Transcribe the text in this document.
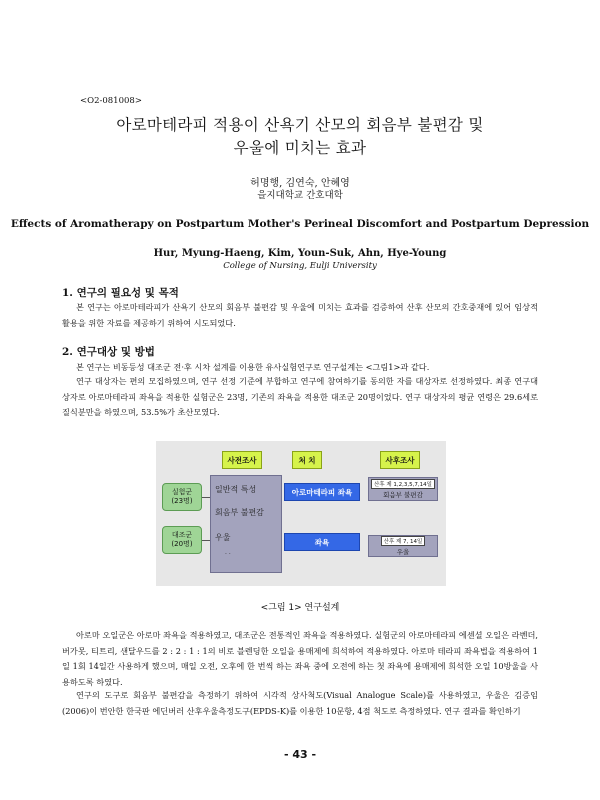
<O2-081008>
아로마테라피 적용이 산욕기 산모의 회음부 불편감 및
우울에 미치는 효과
허명행, 김연숙, 안혜영
을지대학교 간호대학
Effects of Aromatherapy on Postpartum Mother's Perineal Discomfort and Postpartum Depression
Hur, Myung-Haeng, Kim, Youn-Suk, Ahn, Hye-Young
College of Nursing, Eulji University
1. 연구의 필요성 및 목적

본 연구는 아로마테라피가 산욕기 산모의 회음부 불편감 및 우울에 미치는 효과를 검증하여 산후 산모의 간호중재에 있어 임상적 활용을 위한 자료를 제공하기 위하여 시도되었다.

2. 연구대상 및 방법

본 연구는 비동등성 대조군 전·후 시차 설계를 이용한 유사실험연구로 연구설계는 <그림1>과 같다.

연구 대상자는 편의 모집하였으며, 연구 선정 기준에 부합하고 연구에 참여하기를 동의한 자를 대상자로 선정하였다. 최종 연구대상자로 아로마테라피 좌욕을 적용한 실험군은 23명, 기존의 좌욕을 적용한 대조군 20명이었다. 연구 대상자의 평균 연령은 29.6세로 질식분만을 하였으며, 53.5%가 초산모였다.

사전조사	처 치	사후조사
실험군
(23명)
대조군
(20명)
일반적 특성
회음부 불편감
우울
· ·
아로마테라피 좌욕
좌욕
산후 제 1,2,3,5,7,14일
회음부 불편감
산후 제 7, 14일
우울
<그림 1> 연구설계

아로마 오일군은 아로마 좌욕을 적용하였고, 대조군은 전통적인 좌욕을 적용하였다. 실험군의 아로마테라피 에센셜 오일은 라벤더, 버가못, 티트리, 샌달우드를 2 : 2 : 1 : 1의 비로 블렌딩한 오일을 용매제에 희석하여 적용하였다. 아로마 테라피 좌욕법을 적용하여 1일 1회 14일간 사용하게 했으며, 매일 오전, 오후에 한 번씩 하는 좌욕 중에 오전에 하는 첫 좌욕에 용매제에 희석한 오일 10방울을 사용하도록 하였다.

연구의 도구로 회음부 불편감을 측정하기 위하여 시각적 상사척도(Visual Analogue Scale)를 사용하였고, 우울은 김증임(2006)이 번안한 한국판 에딘버러 산후우울측정도구(EPDS-K)를 이용한 10문항, 4점 척도로 측정하였다. 연구 결과를 확인하기

- 43 -
